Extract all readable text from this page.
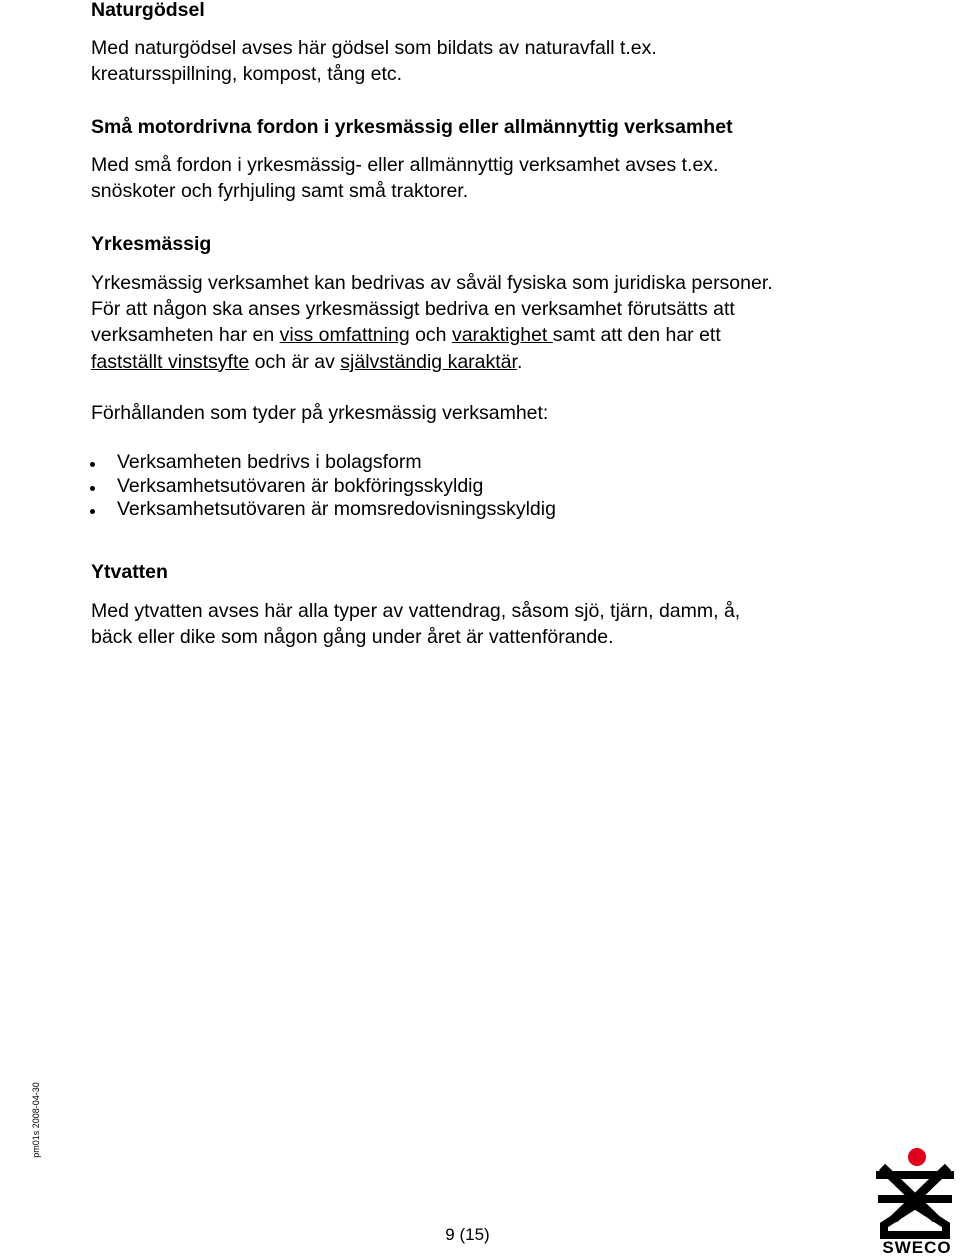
Naturgödsel

Med naturgödsel avses här gödsel som bildats av naturavfall t.ex. kreatursspillning, kompost, tång etc.

Små motordrivna fordon i yrkesmässig eller allmännyttig verksamhet

Med små fordon i yrkesmässig- eller allmännyttig verksamhet avses t.ex. snöskoter och fyrhjuling samt små traktorer.

Yrkesmässig

Yrkesmässig verksamhet kan bedrivas av såväl fysiska som juridiska personer. För att någon ska anses yrkesmässigt bedriva en verksamhet förutsätts att verksamheten har en viss omfattning och varaktighet samt att den har ett fastställt vinstsyfte och är av självständig karaktär.

Förhållanden som tyder på yrkesmässig verksamhet:

Verksamheten bedrivs i bolagsform
Verksamhetsutövaren är bokföringsskyldig
Verksamhetsutövaren är momsredovisningsskyldig
Ytvatten

Med ytvatten avses här alla typer av vattendrag, såsom sjö, tjärn, damm, å, bäck eller dike som någon gång under året är vattenförande.

pm01s 2008-04-30
9 (15)
SWECO
